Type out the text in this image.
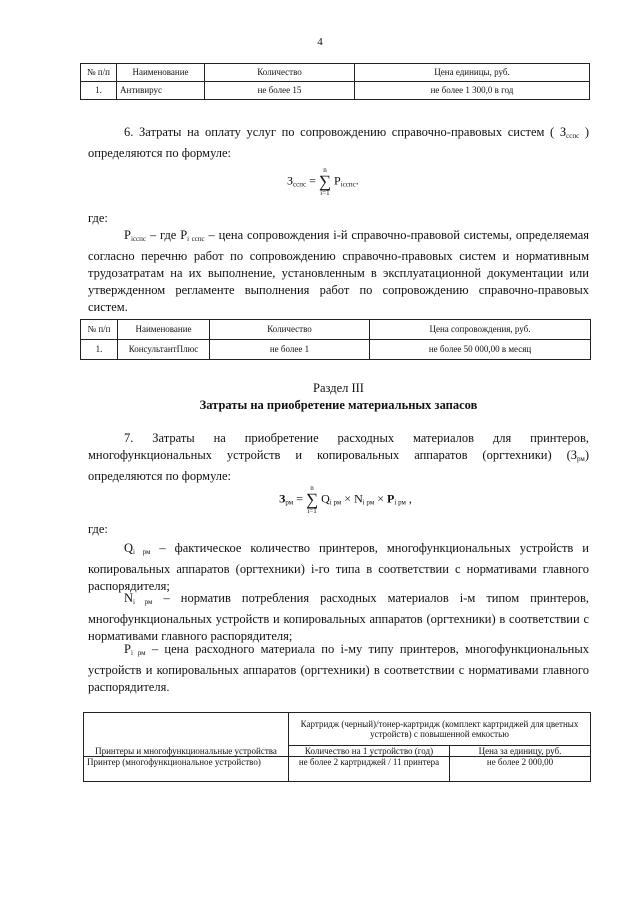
4
№ п/п	Наименование	Количество	Цена единицы, руб.
1.	Антивирус	не более 15	не более 1 300,0 в год

6. Затраты на оплату услуг по сопровождению справочно-правовых систем ( $З_{сспс}$ ) определяются по формуле:

$З_{сспс} = n$
∑
i=1 $P_{iсспс}$.

где:

$P_{iсспс}$ – где $P_{i сспс}$ – цена сопровождения i-й справочно-правовой системы, определяемая согласно перечню работ по сопровождению справочно-правовых систем и нормативным трудозатратам на их выполнение, установленным в эксплуатационной документации или утвержденном регламенте выполнения работ по сопровождению справочно-правовых систем.

№ п/п	Наименование	Количество	Цена сопровождения, руб.
1.	КонсультантПлюс	не более 1	не более 50 000,00 в месяц
Раздел III
Затраты на приобретение материальных запасов

7. Затраты на приобретение расходных материалов для принтеров, многофункциональных устройств и копировальных аппаратов (оргтехники) $(З_{рм})$ определяются по формуле:

$З_{рм} = n$
∑
i=1 $Q_{i рм} \times N_{i рм} \times P_{i рм}$ ,

где:

$Q_{i рм}$ – фактическое количество принтеров, многофункциональных устройств и копировальных аппаратов (оргтехники) i-го типа в соответствии с нормативами главного распорядителя;

$N_{i рм}$ – норматив потребления расходных материалов i-м типом принтеров, многофункциональных устройств и копировальных аппаратов (оргтехники) в соответствии с нормативами главного распорядителя;

$P_{i рм}$ – цена расходного материала по i-му типу принтеров, многофункциональных устройств и копировальных аппаратов (оргтехники) в соответствии с нормативами главного распорядителя.

Принтеры и многофункциональные устройства	Картридж (черный)/тонер-картридж (комплект картриджей для цветных устройств) с повышенной емкостью	
	Количество на 1 устройство (год)	Цена за единицу, руб.
Принтер (многофункциональное устройство)	не более 2 картриджей / 11 принтера	не более 2 000,00
